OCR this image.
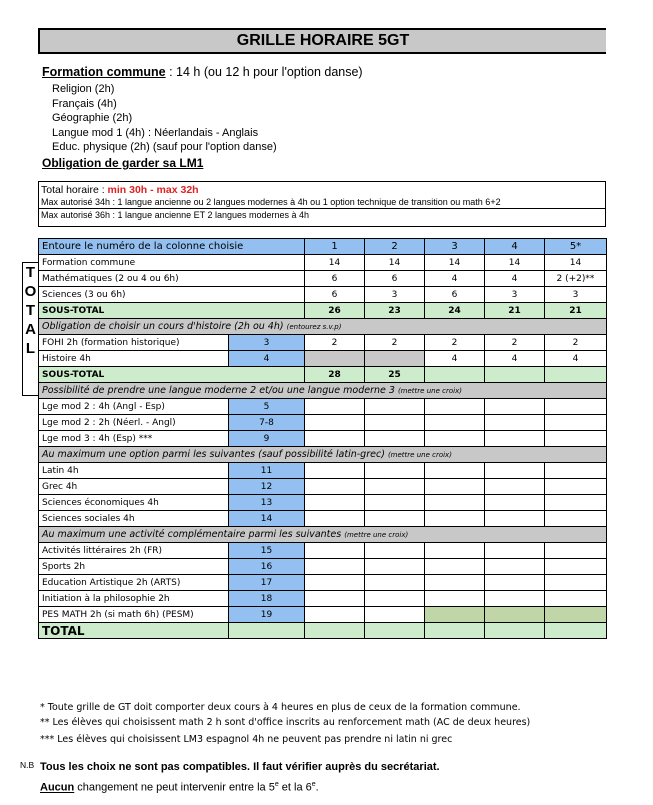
GRILLE HORAIRE 5GT
Formation commune : 14 h (ou 12 h pour l'option danse)
Religion (2h)
Français (4h)
Géographie (2h)
Langue mod 1 (4h) : Néerlandais - Anglais
Educ. physique (2h) (sauf pour l'option danse)
Obligation de garder sa LM1
Total horaire : min 30h - max 32h
Max autorisé 34h : 1 langue ancienne ou 2 langues modernes à 4h ou 1 option technique de transition ou math 6+2
Max autorisé 36h : 1 langue ancienne ET 2 langues modernes à 4h
T
O
T
A
L
Entoure le numéro de la colonne choisie		1	2	3	4	5*
Formation commune		14	14	14	14	14
Mathématiques (2 ou 4 ou 6h)		6	6	4	4	2 (+2)**
Sciences (3 ou 6h)		6	3	6	3	3
SOUS-TOTAL		26	23	24	21	21
Obligation de choisir un cours d'histoire (2h ou 4h) (entourez s.v.p)						
FOHI 2h (formation historique)	3	2	2	2	2	2
Histoire 4h	4			4	4	4
SOUS-TOTAL		28	25			
Possibilité de prendre une langue moderne 2 et/ou une langue moderne 3 (mettre une croix)						
Lge mod 2 : 4h (Angl - Esp)	5					
Lge mod 2 : 2h (Néerl. - Angl)	7-8					
Lge mod 3 : 4h (Esp) ***	9					
Au maximum une option parmi les suivantes (sauf possibilité latin-grec) (mettre une croix)						
Latin 4h	11					
Grec 4h	12					
Sciences économiques 4h	13					
Sciences sociales 4h	14					
Au maximum une activité complémentaire parmi les suivantes (mettre une croix)						
Activités littéraires 2h (FR)	15					
Sports 2h	16					
Education Artistique 2h (ARTS)	17					
Initiation à la philosophie 2h	18					
PES MATH 2h (si math 6h) (PESM)	19					
TOTAL						
* Toute grille de GT doit comporter deux cours à 4 heures en plus de ceux de la formation commune.
** Les élèves qui choisissent math 2 h sont d'office inscrits au renforcement math (AC de deux heures)
*** Les élèves qui choisissent LM3 espagnol 4h ne peuvent pas prendre ni latin ni grec
N.B Tous les choix ne sont pas compatibles. Il faut vérifier auprès du secrétariat.
Aucun changement ne peut intervenir entre la 5e et la 6e.
